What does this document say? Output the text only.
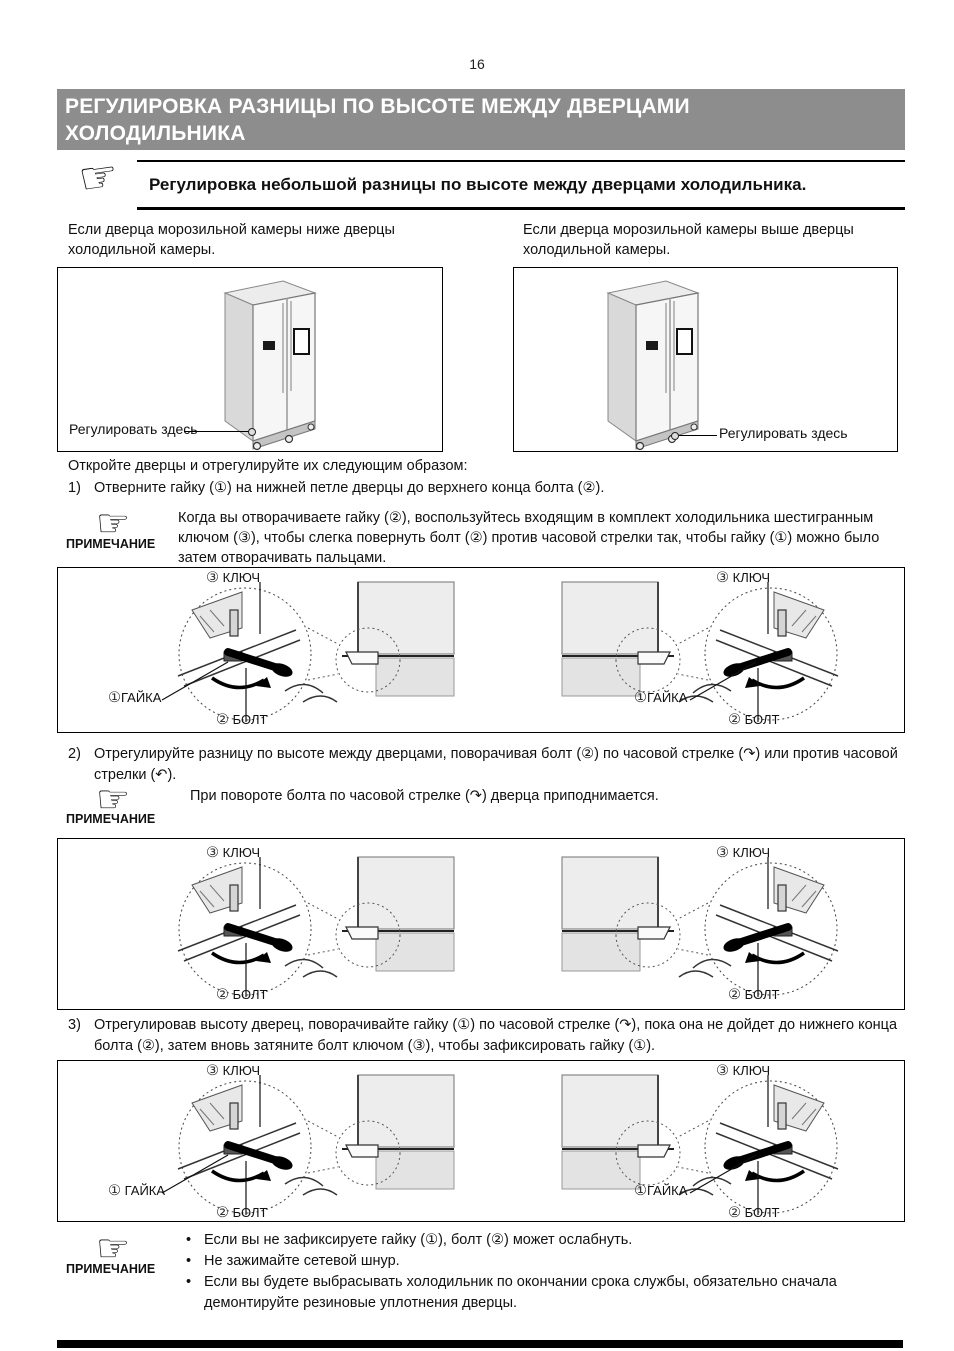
16
РЕГУЛИРОВКА РАЗНИЦЫ ПО ВЫСОТЕ МЕЖДУ ДВЕРЦАМИ
ХОЛОДИЛЬНИКА
☞ Регулировка небольшой разницы по высоте между дверцами холодильника.
Если дверца морозильной камеры ниже дверцы холодильной камеры.
Если дверца морозильной камеры выше дверцы холодильной камеры.
Регулировать здесь	Регулировать здесь
Откройте дверцы и отрегулируйте их следующим образом:
1) Отверните гайку (①) на нижней петле дверцы до верхнего конца болта (②).
☞
ПРИМЕЧАНИЕ
Когда вы отворачиваете гайку (②), воспользуйтесь входящим в комплект холодильника шестигранным ключом (③), чтобы слегка повернуть болт (②) против часовой стрелки так, чтобы гайку (①) можно было затем отворачивать пальцами.
③ КЛЮЧ
①ГАЙКА
② БОЛТ
③ КЛЮЧ
①ГАЙКА
② БОЛТ
2) Отрегулируйте разницу по высоте между дверцами, поворачивая болт (②) по часовой стрелке (↷) или против часовой стрелки (↶).
☞
ПРИМЕЧАНИЕ
При повороте болта по часовой стрелке (↷) дверца приподнимается.
③ КЛЮЧ
② БОЛТ
③ КЛЮЧ
② БОЛТ
3) Отрегулировав высоту дверец, поворачивайте гайку (①) по часовой стрелке (↷), пока она не дойдет до нижнего конца болта (②), затем вновь затяните болт ключом (③), чтобы зафиксировать гайку (①).
③ КЛЮЧ
① ГАЙКА
② БОЛТ
③ КЛЮЧ
①ГАЙКА
② БОЛТ
☞
ПРИМЕЧАНИЕ
• Если вы не зафиксируете гайку (①), болт (②) может ослабнуть.
• Не зажимайте сетевой шнур.
• Если вы будете выбрасывать холодильник по окончании срока службы, обязательно сначала демонтируйте резиновые уплотнения дверцы.
